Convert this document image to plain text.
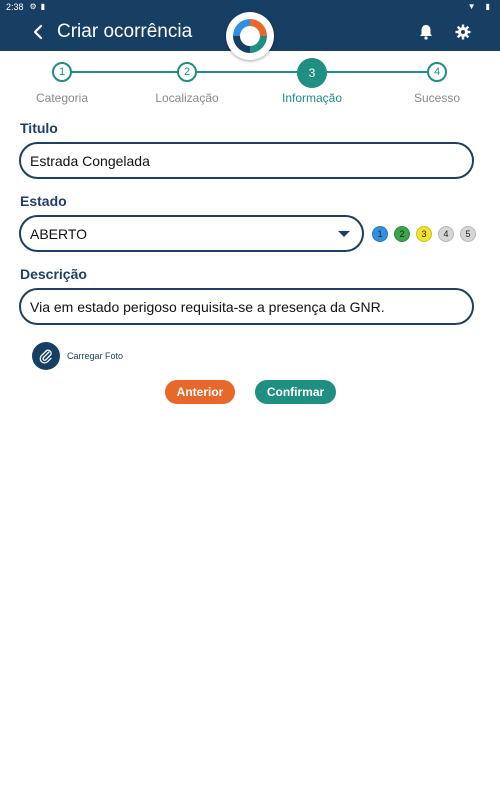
2:38 ⚙ ▮	▼ ▮
Criar ocorrência
1	2	3	4
Categoria	Localização	Informação	Sucesso
Titulo
Estrada Congelada
Estado
ABERTO	1	2	3	4	5
Descrição
Via em estado perigoso requisita-se a presença da GNR.
Carregar Foto
Anterior	Confirmar
